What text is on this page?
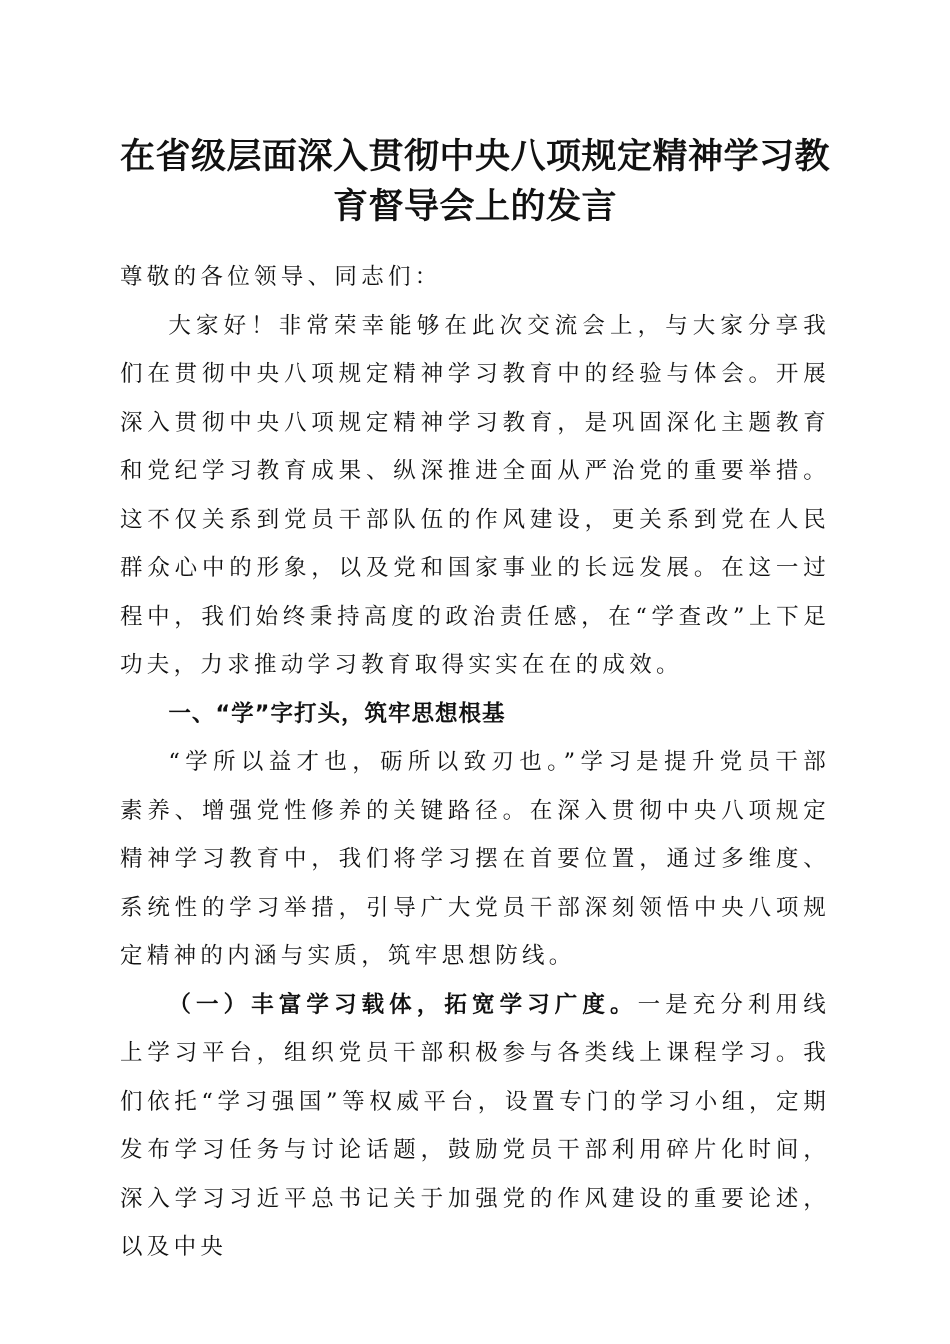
在省级层面深入贯彻中央八项规定精神学习教育督导会上的发言

尊敬的各位领导、同志们：

大家好！非常荣幸能够在此次交流会上，与大家分享我们在贯彻中央八项规定精神学习教育中的经验与体会。开展深入贯彻中央八项规定精神学习教育，是巩固深化主题教育和党纪学习教育成果、纵深推进全面从严治党的重要举措。这不仅关系到党员干部队伍的作风建设，更关系到党在人民群众心中的形象，以及党和国家事业的长远发展。在这一过程中，我们始终秉持高度的政治责任感，在“学查改”上下足功夫，力求推动学习教育取得实实在在的成效。

一、“学”字打头，筑牢思想根基

“学所以益才也，砺所以致刃也。”学习是提升党员干部素养、增强党性修养的关键路径。在深入贯彻中央八项规定精神学习教育中，我们将学习摆在首要位置，通过多维度、系统性的学习举措，引导广大党员干部深刻领悟中央八项规定精神的内涵与实质，筑牢思想防线。

（一）丰富学习载体，拓宽学习广度。一是充分利用线上学习平台，组织党员干部积极参与各类线上课程学习。我们依托“学习强国”等权威平台，设置专门的学习小组，定期发布学习任务与讨论话题，鼓励党员干部利用碎片化时间，深入学习习近平总书记关于加强党的作风建设的重要论述，以及中央
